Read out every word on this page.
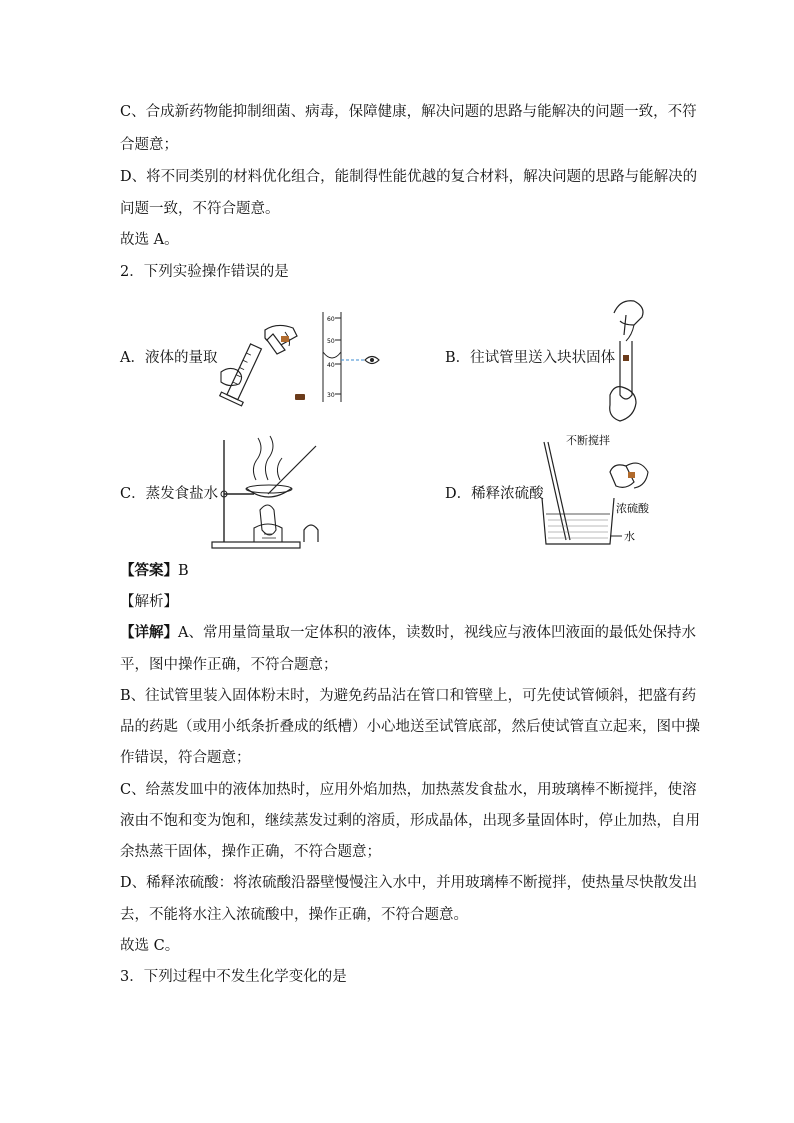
C、合成新药物能抑制细菌、病毒，保障健康，解决问题的思路与能解决的问题一致，不符
合题意；
D、将不同类别的材料优化组合，能制得性能优越的复合材料，解决问题的思路与能解决的
问题一致，不符合题意。
故选 A。
2．下列实验操作错误的是
A．液体的量取
60
50
40
30
B．往试管里送入块状固体
C．蒸发食盐水	D．稀释浓硫酸
不断搅拌
水
浓硫酸
【答案】B
【解析】
【详解】A、常用量筒量取一定体积的液体，读数时，视线应与液体凹液面的最低处保持水
平，图中操作正确，不符合题意；
B、往试管里装入固体粉末时，为避免药品沾在管口和管壁上，可先使试管倾斜，把盛有药
品的药匙（或用小纸条折叠成的纸槽）小心地送至试管底部，然后使试管直立起来，图中操
作错误，符合题意；
C、给蒸发皿中的液体加热时，应用外焰加热，加热蒸发食盐水，用玻璃棒不断搅拌，使溶
液由不饱和变为饱和，继续蒸发过剩的溶质，形成晶体，出现多量固体时，停止加热，自用
余热蒸干固体，操作正确，不符合题意；
D、稀释浓硫酸：将浓硫酸沿器壁慢慢注入水中，并用玻璃棒不断搅拌，使热量尽快散发出
去，不能将水注入浓硫酸中，操作正确，不符合题意。
故选 C。
3．下列过程中不发生化学变化的是
